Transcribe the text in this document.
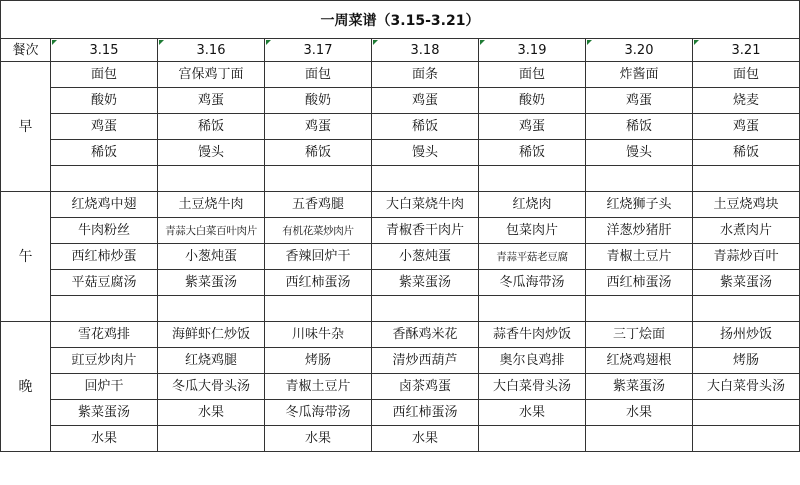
一周菜谱（3.15-3.21）
餐次	3.15	3.16	3.17	3.18	3.19	3.20	3.21
早	面包	宫保鸡丁面	面包	面条	面包	炸酱面	面包
	酸奶	鸡蛋	酸奶	鸡蛋	酸奶	鸡蛋	烧麦
	鸡蛋	稀饭	鸡蛋	稀饭	鸡蛋	稀饭	鸡蛋
	稀饭	馒头	稀饭	馒头	稀饭	馒头	稀饭

午	红烧鸡中翅	土豆烧牛肉	五香鸡腿	大白菜烧牛肉	红烧肉	红烧狮子头	土豆烧鸡块
	牛肉粉丝	青蒜大白菜百叶肉片	有机花菜炒肉片	青椒香干肉片	包菜肉片	洋葱炒猪肝	水煮肉片
	西红柿炒蛋	小葱炖蛋	香辣回炉干	小葱炖蛋	青蒜平菇老豆腐	青椒土豆片	青蒜炒百叶
	平菇豆腐汤	紫菜蛋汤	西红柿蛋汤	紫菜蛋汤	冬瓜海带汤	西红柿蛋汤	紫菜蛋汤

晚	雪花鸡排	海鲜虾仁炒饭	川味牛杂	香酥鸡米花	蒜香牛肉炒饭	三丁烩面	扬州炒饭
	豇豆炒肉片	红烧鸡腿	烤肠	清炒西葫芦	奥尔良鸡排	红烧鸡翅根	烤肠
	回炉干	冬瓜大骨头汤	青椒土豆片	卤茶鸡蛋	大白菜骨头汤	紫菜蛋汤	大白菜骨头汤
	紫菜蛋汤	水果	冬瓜海带汤	西红柿蛋汤	水果	水果	
	水果		水果	水果			
